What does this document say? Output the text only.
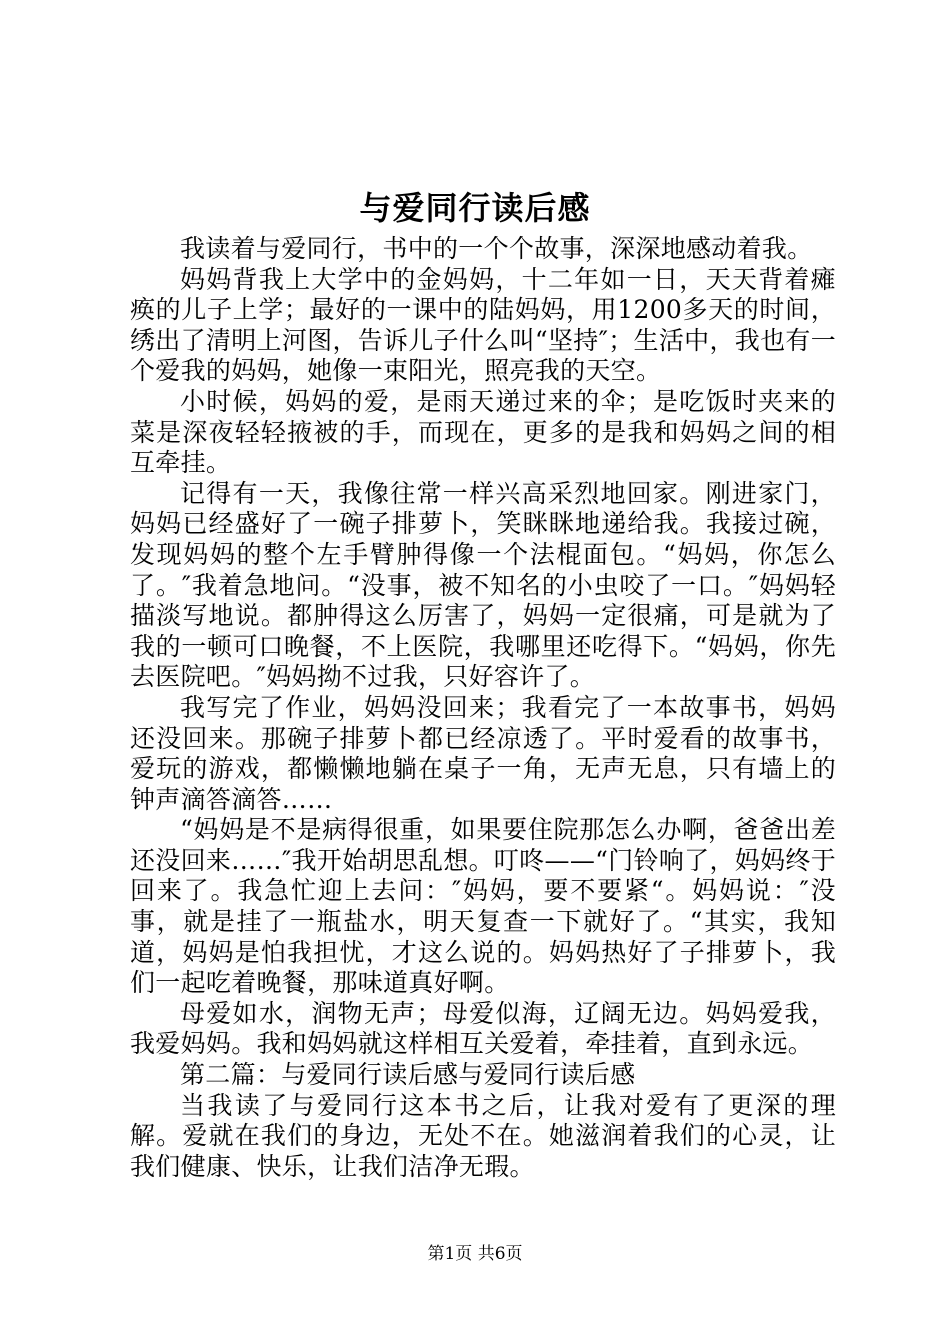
与爱同行读后感

我读着与爱同行，书中的一个个故事，深深地感动着我。

妈妈背我上大学中的金妈妈，十二年如一日，天天背着瘫痪的儿子上学；最好的一课中的陆妈妈，用1200多天的时间，绣出了清明上河图，告诉儿子什么叫“坚持″；生活中，我也有一个爱我的妈妈，她像一束阳光，照亮我的天空。

小时候，妈妈的爱，是雨天递过来的伞；是吃饭时夹来的菜是深夜轻轻掖被的手，而现在，更多的是我和妈妈之间的相互牵挂。

记得有一天，我像往常一样兴高采烈地回家。刚进家门，妈妈已经盛好了一碗子排萝卜，笑眯眯地递给我。我接过碗，发现妈妈的整个左手臂肿得像一个法棍面包。“妈妈，你怎么了。″我着急地问。“没事，被不知名的小虫咬了一口。″妈妈轻描淡写地说。都肿得这么厉害了，妈妈一定很痛，可是就为了我的一顿可口晚餐，不上医院，我哪里还吃得下。“妈妈，你先去医院吧。″妈妈拗不过我，只好容许了。

我写完了作业，妈妈没回来；我看完了一本故事书，妈妈还没回来。那碗子排萝卜都已经凉透了。平时爱看的故事书，爱玩的游戏，都懒懒地躺在桌子一角，无声无息，只有墙上的钟声滴答滴答……

“妈妈是不是病得很重，如果要住院那怎么办啊，爸爸出差还没回来……″我开始胡思乱想。叮咚——“门铃响了，妈妈终于回来了。我急忙迎上去问：″妈妈，要不要紧“。妈妈说：″没事，就是挂了一瓶盐水，明天复查一下就好了。“其实，我知道，妈妈是怕我担忧，才这么说的。妈妈热好了子排萝卜，我们一起吃着晚餐，那味道真好啊。

母爱如水，润物无声；母爱似海，辽阔无边。妈妈爱我，我爱妈妈。我和妈妈就这样相互关爱着，牵挂着，直到永远。

第二篇：与爱同行读后感与爱同行读后感

当我读了与爱同行这本书之后，让我对爱有了更深的理解。爱就在我们的身边，无处不在。她滋润着我们的心灵，让我们健康、快乐，让我们洁净无瑕。

第1页 共6页
